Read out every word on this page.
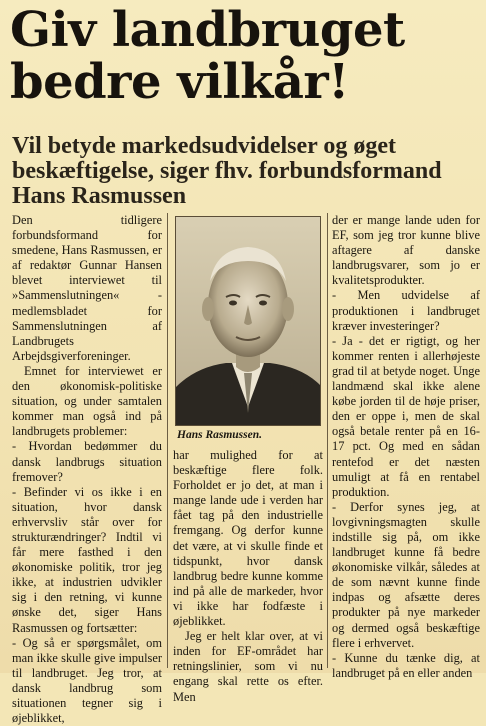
Giv landbruget bedre vilkår!
Vil betyde markedsudvidelser og øget beskæftigelse, siger fhv. forbundsformand Hans Rasmussen

Den tidligere forbundsformand for smedene, Hans Rasmussen, er af redaktør Gunnar Hansen blevet interviewet til »Sammenslutningen« - medlemsbladet for Sammenslutningen af Landbrugets Arbejdsgiverforeninger.

Emnet for interviewet er den økonomisk-politiske situation, og under samtalen kommer man også ind på landbrugets problemer:

- Hvordan bedømmer du dansk landbrugs situation fremover?

- Befinder vi os ikke i en situation, hvor dansk erhvervsliv står over for strukturændringer? Indtil vi får mere fasthed i den økonomiske politik, tror jeg ikke, at industrien udvikler sig i den retning, vi kunne ønske det, siger Hans Rasmussen og fortsætter:

- Og så er spørgsmålet, om man ikke skulle give impulser til landbruget. Jeg tror, at dansk landbrug som situationen tegner sig i øjeblikket,

Hans Rasmussen.

har mulighed for at beskæftige flere folk. Forholdet er jo det, at man i mange lande ude i verden har fået tag på den industrielle fremgang. Og derfor kunne det være, at vi skulle finde et tidspunkt, hvor dansk landbrug bedre kunne komme ind på alle de markeder, hvor vi ikke har fodfæste i øjeblikket.

Jeg er helt klar over, at vi inden for EF-området har retningslinier, som vi nu engang skal rette os efter. Men

der er mange lande uden for EF, som jeg tror kunne blive aftagere af danske landbrugsvarer, som jo er kvalitetsprodukter.

- Men udvidelse af produktionen i landbruget kræver investeringer?

- Ja - det er rigtigt, og her kommer renten i allerhøjeste grad til at betyde noget. Unge landmænd skal ikke alene købe jorden til de høje priser, den er oppe i, men de skal også betale renter på en 16-17 pct. Og med en sådan rentefod er det næsten umuligt at få en rentabel produktion.

- Derfor synes jeg, at lovgivningsmagten skulle indstille sig på, om ikke landbruget kunne få bedre økonomiske vilkår, således at de som nævnt kunne finde indpas og afsætte deres produkter på nye markeder og dermed også beskæftige flere i erhvervet.

- Kunne du tænke dig, at landbruget på en eller anden
